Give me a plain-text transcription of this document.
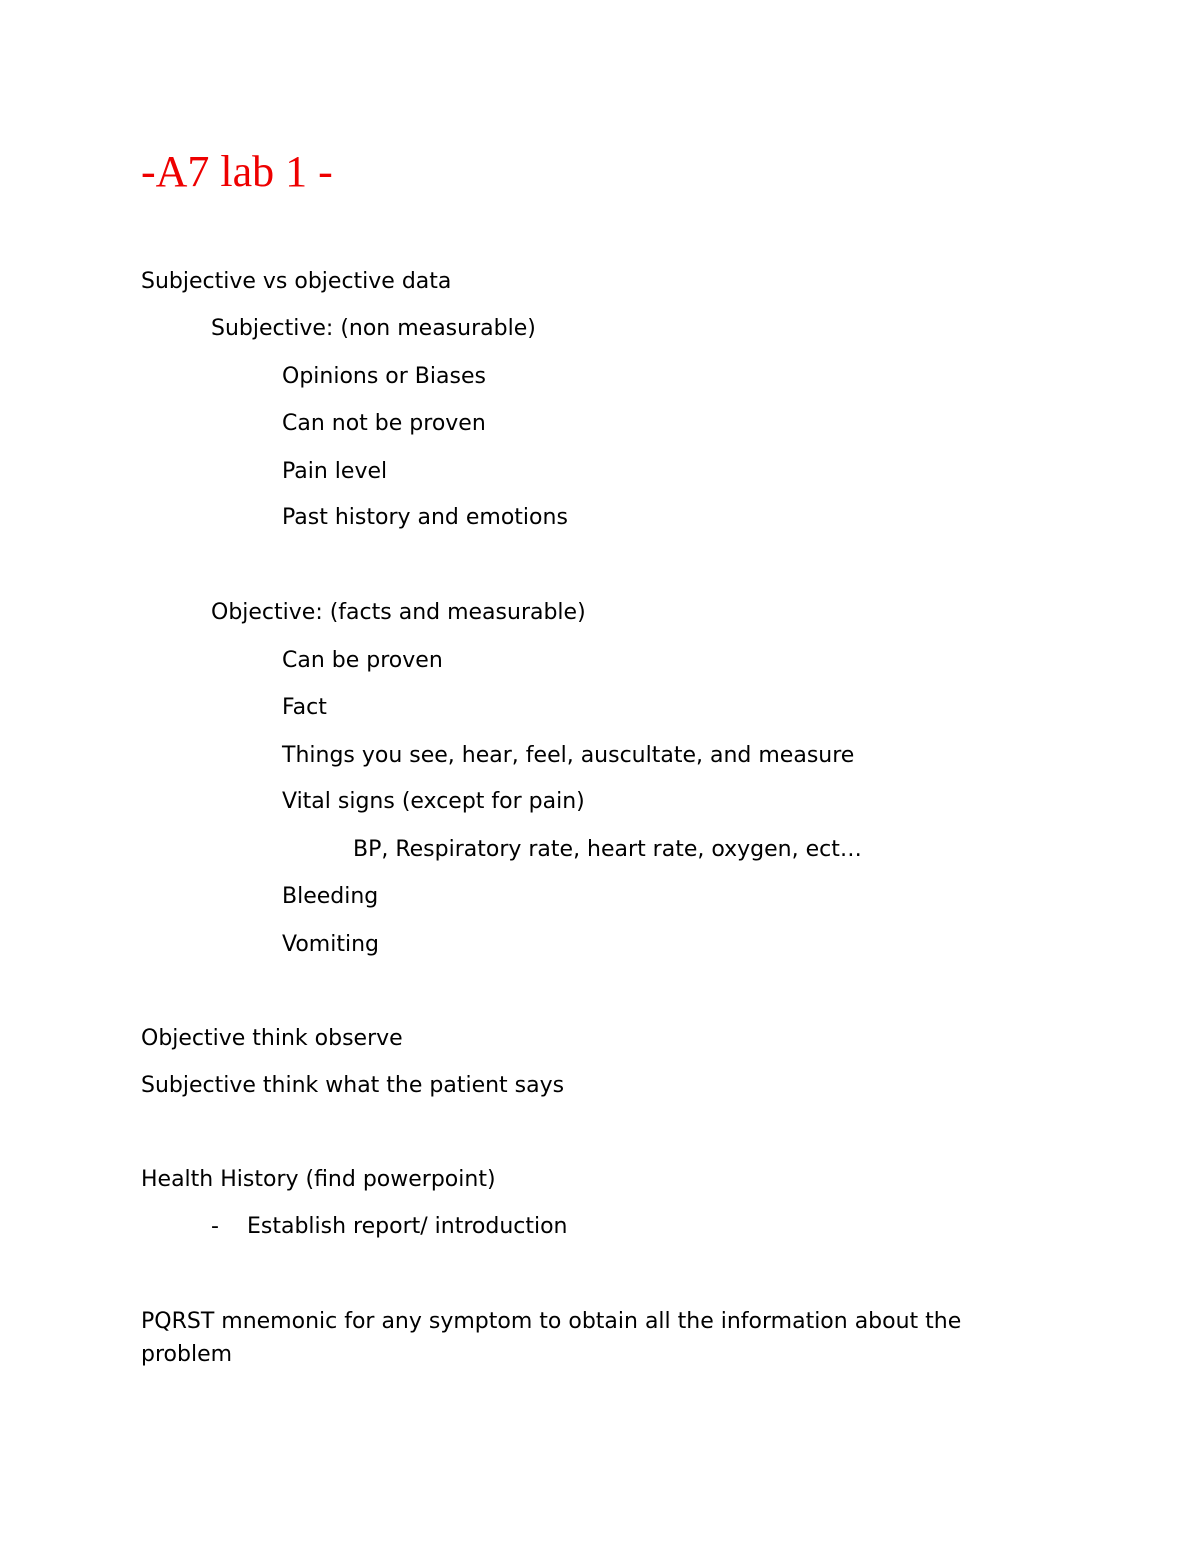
-A7 lab 1 -
Subjective vs objective data
Subjective: (non measurable)
Opinions or Biases
Can not be proven
Pain level
Past history and emotions
Objective: (facts and measurable)
Can be proven
Fact
Things you see, hear, feel, auscultate, and measure
Vital signs (except for pain)
BP, Respiratory rate, heart rate, oxygen, ect…
Bleeding
Vomiting
Objective think observe
Subjective think what the patient says
Health History (find powerpoint)
- Establish report/ introduction
PQRST mnemonic for any symptom to obtain all the information about the problem
